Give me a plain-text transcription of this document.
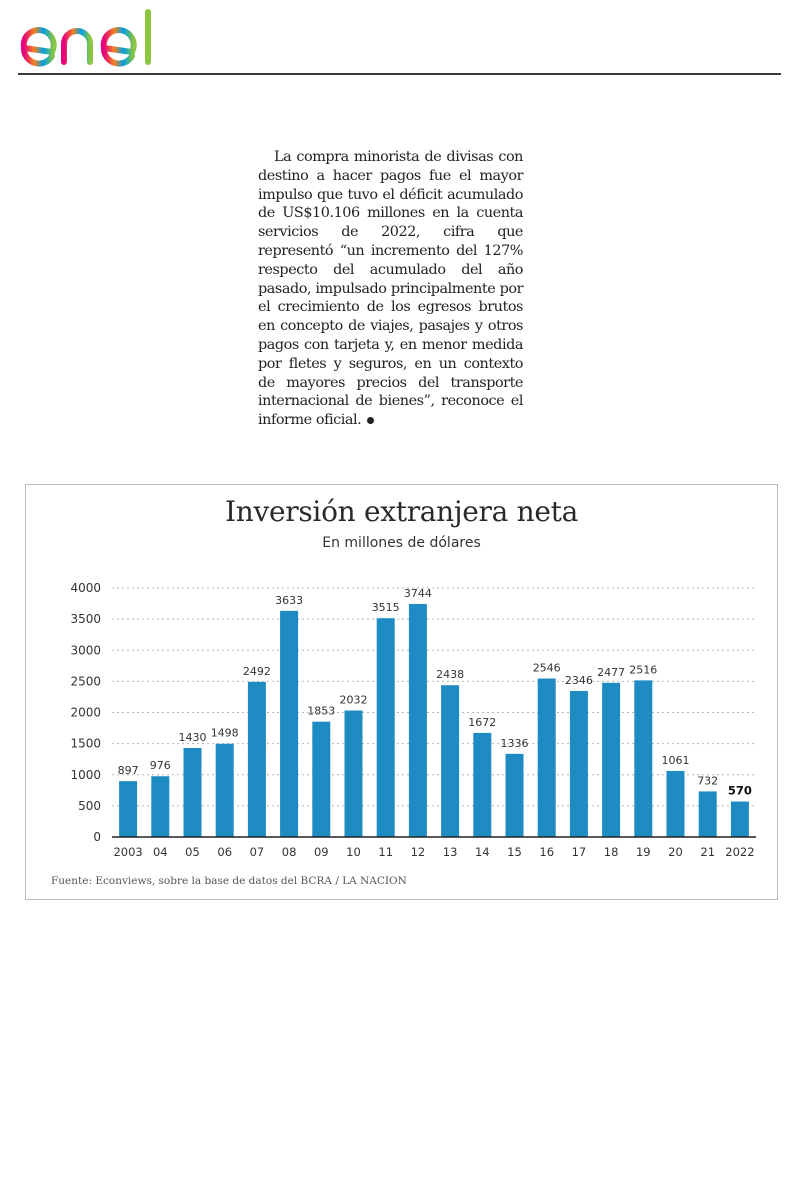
La compra minorista de divisas con destino a hacer pagos fue el mayor impulso que tuvo el déficit acumulado de US$10.106 millones en la cuenta servicios de 2022, cifra que representó “un incremento del 127% respecto del acumulado del año pasado, impulsado principalmente por el crecimiento de los egresos brutos en concepto de viajes, pasajes y otros pagos con tarjeta y, en menor medida por fletes y seguros, en un contexto de mayores precios del transporte internacional de bienes”, reconoce el informe oficial.

Inversión extranjera neta
En millones de dólares
0
500
1000
1500
2000
2500
3000
3500
4000
897
2003
976
04
1430
05
1498
06
2492
07
3633
08
1853
09
2032
10
3515
11
3744
12
2438
13
1672
14
1336
15
2546
16
2346
17
2477
18
2516
19
1061
20
732
21
570
2022
Fuente: Econviews, sobre la base de datos del BCRA / LA NACION
